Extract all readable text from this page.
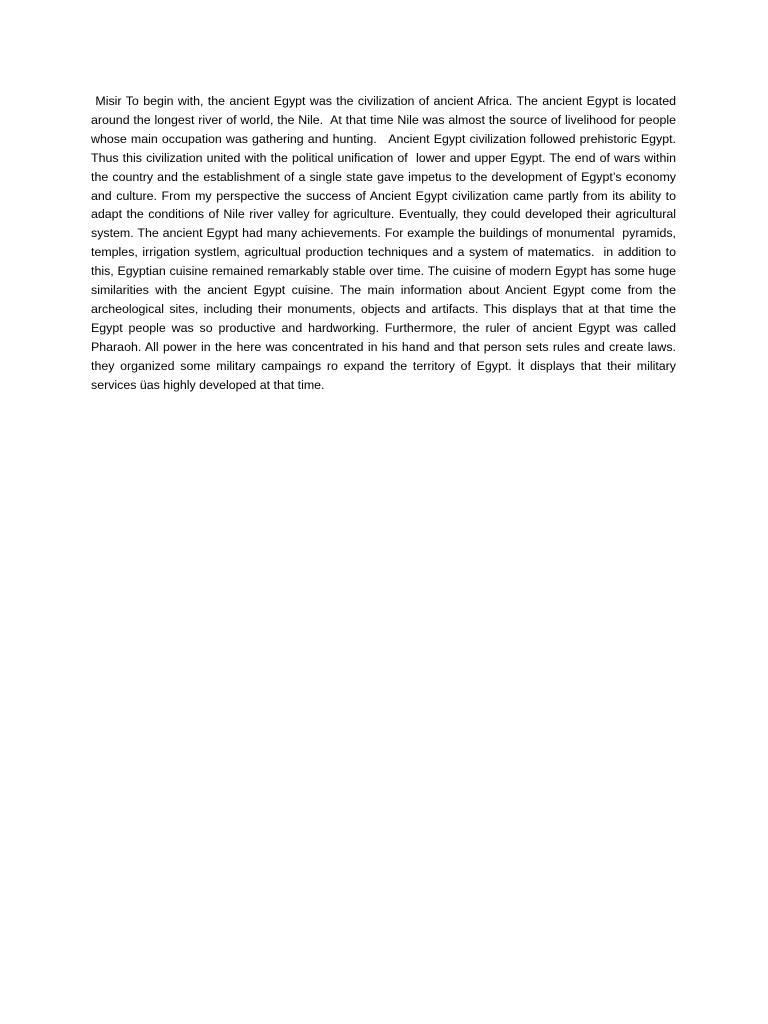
Misir To begin with, the ancient Egypt was the civilization of ancient Africa. The ancient Egypt is located around the longest river of world, the Nile.  At that time Nile was almost the source of livelihood for people whose main occupation was gathering and hunting.   Ancient Egypt civilization followed prehistoric Egypt. Thus this civilization united with the political unification of  lower and upper Egypt. The end of wars within the country and the establishment of a single state gave impetus to the development of Egypt’s economy and culture. From my perspective the success of Ancient Egypt civilization came partly from its ability to adapt the conditions of Nile river valley for agriculture. Eventually, they could developed their agricultural system. The ancient Egypt had many achievements. For example the buildings of monumental  pyramids, temples, irrigation systlem, agricultual production techniques and a system of matematics.  in addition to this, Egyptian cuisine remained remarkably stable over time. The cuisine of modern Egypt has some huge similarities with the ancient Egypt cuisine. The main information about Ancient Egypt come from the archeological sites, including their monuments, objects and artifacts. This displays that at that time the Egypt people was so productive and hardworking. Furthermore, the ruler of ancient Egypt was called Pharaoh. All power in the here was concentrated in his hand and that person sets rules and create laws. they organized some military campaings ro expand the territory of Egypt. İt displays that their military services üas highly developed at that time.
